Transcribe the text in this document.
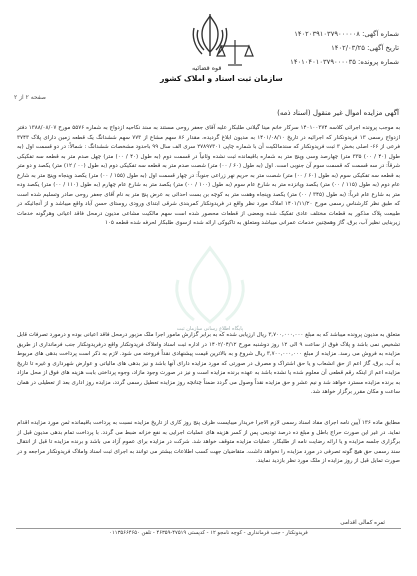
صفحه ۲ از ۲
قوه قضائیه
سازمان ثبت اسناد و املاک کشور
شماره آگهی: ۱۴۰۲۰۳۹۱۰۳۷۹۰۰۰۰۰۸
تاریخ آگهی: ۱۴۰۲/۰۳/۲۵
شماره پرونده: ۱۴۰۱۰۴۰۱۰۳۷۹۰۰۰۰۳۵
آگهی مزایده اموال غیر منقول (اسناد ذمه)
به موجب پرونده اجرائی کلاسه ۱۴۰۱۰۰۳۷۴ سرکار خانم مینا گیلانی طلبکار علیه آقای جعفر روحی مستند به سند نکاحیه ازدواج به شماره ۵۵۷۶ مورخ ۱۳۸۸/۰۸/۰۷ دفتر ازدواج رسمی ۱۳ فریدونکنار که اجرائیه در تاریخ ۱۴۰۱/۰۸/۱۰ به مدیون ابلاغ گردیده، مقدار ۸۶ سهم مشاع از ۷۷۳ سهم ششدانگ یک قطعه زمین دارای پلاک ۳۷۴۳ فرعی از ۶۶- اصلی بخش ۳ ثبت فریدونکنار که سندمالکیت آن با شماره چاپی ۲۷۸۹۷۳۰۱ سری الف سال ۹۹ باحدود مشخصات ششدانگ : شمالاً: در دو قسمت اول (به طول (۴۰ / ۰۰) ۳۳۵ متر) چهارصد وسی وپنج متر به شماره باقیمانده ثبت نشده وثانیاً در قسمت دوم (به طول (۴۰ / ۰۰) متر) چهل صدم متر به قطعه سه تفکیکی شرقاً: در سه قسمت که قسمت سوم آن جنوبی است. اول (به طول (۶۰ / ۰۰) متر) شصت صدم متر به قطعه سه تفکیکی دوم (به طول (۰۰ / ۱۲) متر) یکصد و دو متر به قطعه سه تفکیکی سوم (به طول (۶۰ / ۰۰) متر) شصت متر به حریم نهر زراعی جنوباً: در چهار قسمت اول (به طول (۱۵۵ / ۰۰) متر) یکصد وپنجاه وپنج متر به شارع عام دوم (به طول (۱۱۵ / ۰۰) متر) یکصد وپانزده متر به شارع عام سوم (به طول (۱۰۰ / ۰۰) متر) یکصد متر به شارع عام چهارم (به طول (۱۱۰ / ۰۰) متر) یکصد وده متر به شارع عام غرباً: (به طول (۳۴۵ / ۰۰) متر) یکصد وپنجاه وهفت متر به کوچه بن بست احداثی به عرض پنج متر به نام آقای جعفر روحی صادر وتسلیم شده است که طبق نظر کارشناس رسمی مورخ ۱۴۰۱/۱۱/۲۰ املاک مورد نظر واقع در فریدونکنار کمربندی شرقی ابتدای ورودی روستای حسن آباد واقع میباشد و از آنجائیکه در طبیعت پلاک مذکور به قطعات مختلف عادی تفکیک شده وبعضی از قطعات محصور شده است سهم مالکیت مشاعی مدیون درمحل فاقد اعیانی وهرگونه خدمات زیربنایی نظیر آب، برق، گاز وهمچنین خدمات عمرانی میباشد ومتعلق به تاکیوکی ارائه شده ازسوی طلبکار لحرفه شده قطعه ۱۰۵
پایگاه اطلاع رسانی سازمان ثبت
متعلق به مدیون پرونده میباشد که به مبلغ ۳,۷۰۰,۰۰۰,۰۰۰ ریال ارزیابی شده که به برابر گزارش مامور اجرا ملک مزبور درمحل فاقد اعیانی بوده و درمورد تصرفات قابل تشخیص نمی باشد و پلاک فوق از ساعت ۹ الی ۱۲ روز دوشنبه مورخ ۱۴۰۲/۰۴/۱۲ در اداره ثبت اسناد واملاک فریدونکنار واقع درفریدونکنار جنب فرمانداری از طریق مزایده به فروش می رسد. مزایده از مبلغ ۳,۷۰۰,۰۰۰,۰۰۰ ریال شروع و به بالاترین قیمت پیشنهادی نقداً فروخته می شود. لازم به ذکر است پرداخت بدهی های مربوط به آب، برق، گاز اعم از حق انشعاب و یا حق اشتراک و مصرف در صورتی که مورد مزایده دارای آنها باشد و نیز بدهی های مالیاتی و عوارض شهرداری و غیره تا تاریخ مزایده اعم از اینکه رقم قطعی آن معلوم شده یا نشده باشد به عهده برنده مزایده است و نیز در صورت وجود مازاد، وجوه پرداختی بابت هزینه های فوق از محل مازاد به برنده مزایده مسترد خواهد شد و نیم عشر و حق مزایده نقداً وصول می گردد ضمناً چنانچه روز مزایده تعطیل رسمی گردد، مزایده روز اداری بعد از تعطیلی در همان ساعت و مکان مقرر برگزار خواهد شد.
مطابق ماده ۱۳۶ آیین نامه اجرای مفاد اسناد رسمی لازم الاجرا خریدار میبایست ظرف پنج روز کاری از تاریخ مزایده نسبت به پرداخت باقیمانده ثمن مورد مزایده اقدام نماید. در غیر این صورت حراج باطل و مبلغ ده درصد تودیعی پس از کسر هزینه های عملیات اجرایی به نفع خزانه ضبط می گردد. با پرداخت تمام بدهی مدیون قبل از برگزاری جلسه مزایده و یا ارائه رضایت نامه از طلبکار، عملیات مزایده متوقف خواهد شد. شرکت در مزایده برای عموم آزاد می باشد و برنده مزایده تا قبل از انتقال سند رسمی حق هیچ گونه تصرفی در مورد مزایده را نخواهد داشت. متقاضیان جهت کسب اطلاعات بیشتر می توانند به اجرای ثبت اسناد واملاک فریدونکنار مراجعه و در صورت تمایل قبل از روز مزایده از ملک مورد نظر بازدید نمایند.
ثمره کمالی اقدامی
فریدونکنار - جنب فرمانداری - کوچه نامجو ۱۲ - کدپستی ۴۷۵۱۹-۴۶۳۵۹ - تلفن ۰۱۱۳۵۶۶۴۶۵۰
